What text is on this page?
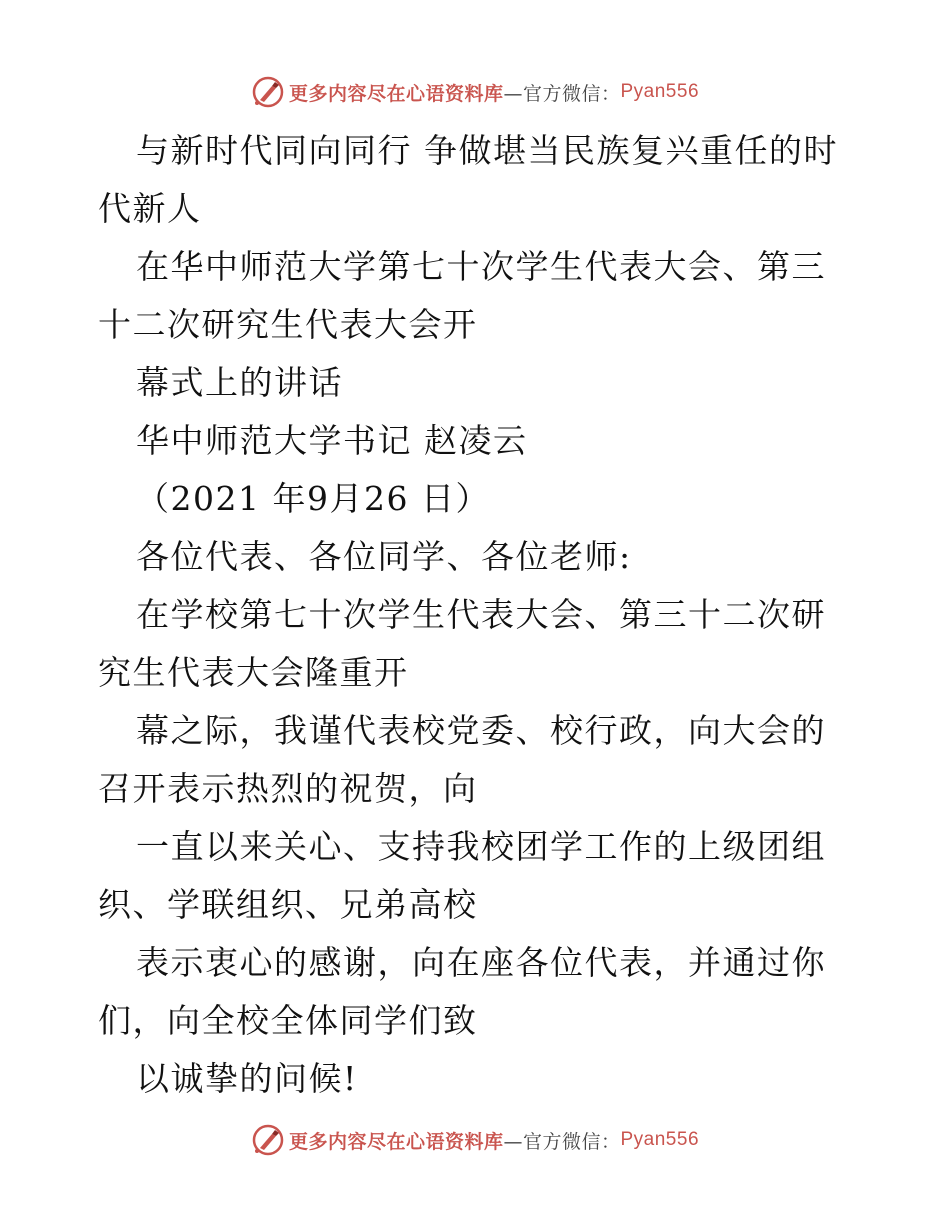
更多内容尽在心语资料库 —官方微信： Pyan556

与新时代同向同行 争做堪当民族复兴重任的时代新人

在华中师范大学第七十次学生代表大会、第三十二次研究生代表大会开

幕式上的讲话

华中师范大学书记 赵凌云

（2021 年9月26 日）

各位代表、各位同学、各位老师:

在学校第七十次学生代表大会、第三十二次研究生代表大会隆重开

幕之际，我谨代表校党委、校行政，向大会的召开表示热烈的祝贺，向

一直以来关心、支持我校团学工作的上级团组织、学联组织、兄弟高校

表示衷心的感谢，向在座各位代表，并通过你们，向全校全体同学们致

以诚挚的问候!

更多内容尽在心语资料库 —官方微信： Pyan556
